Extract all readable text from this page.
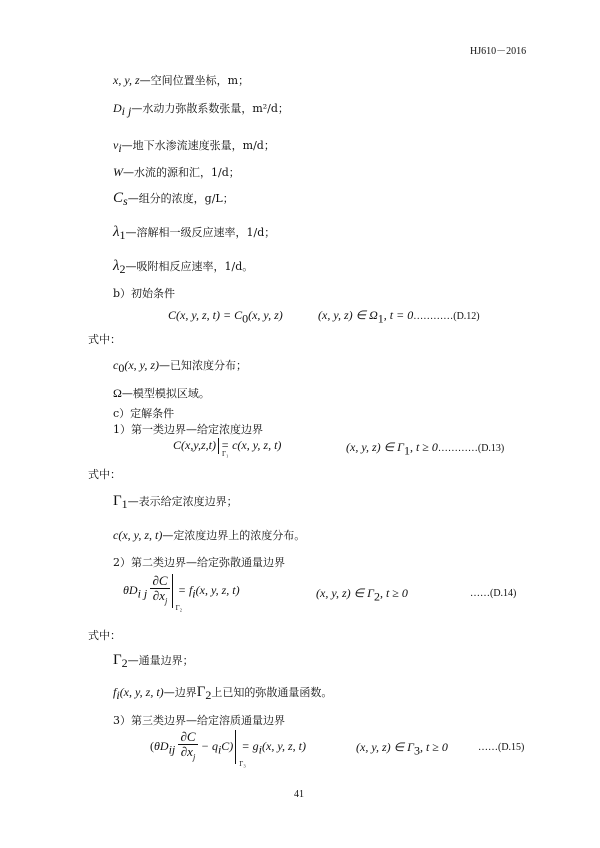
HJ610－2016
x, y, z—空间位置坐标，m；
$D_{i j}—$水动力弥散系数张量，m²/d；
$v_i—$地下水渗流速度张量，m/d；
W—水流的源和汇，1/d；
$C_s—$组分的浓度，g/L；
$\lambda_1—$溶解相一级反应速率，1/d；
$\lambda_2—$吸附相反应速率，1/d。
b）初始条件
C(x, y, z, $t) = C_0(x$, y, z)	(x, y, z) ∈ $\Omega_1$, t = 0…………(D.12)
式中：
$c_0(x$, y, z)—已知浓度分布；
Ω—模型模拟区域。
c）定解条件
1）第一类边界—给定浓度边界
C(x,y,z,t)
Γ₁
= c(x, y, z, t)	(x, y, z) ∈ $\Gamma_1$, t ≥ 0…………(D.13)
式中：
$\Gamma_1—$表示给定浓度边界；
c(x, y, z, t)—定浓度边界上的浓度分布。
2）第二类边界—给定弥散通量边界
$\theta D_{i j} \frac{\partial C}{\partial x_j}$
Γ₂
= $f_i(x$, y, z, t)	(x, y, z) ∈ $\Gamma_2$, t ≥ 0	……(D.14)
式中：
$\Gamma_2—$通量边界；
$f_i(x$, y, z, t)—边界$\Gamma_2$上已知的弥散通量函数。
3）第三类边界—给定溶质通量边界
$(\theta D_{ij} \frac{\partial C}{\partial x_j} - q_iC)$
Γ₃
= $g_i(x$, y, z, t)	(x, y, z) ∈ $\Gamma_3$, t ≥ 0	……(D.15)
41
